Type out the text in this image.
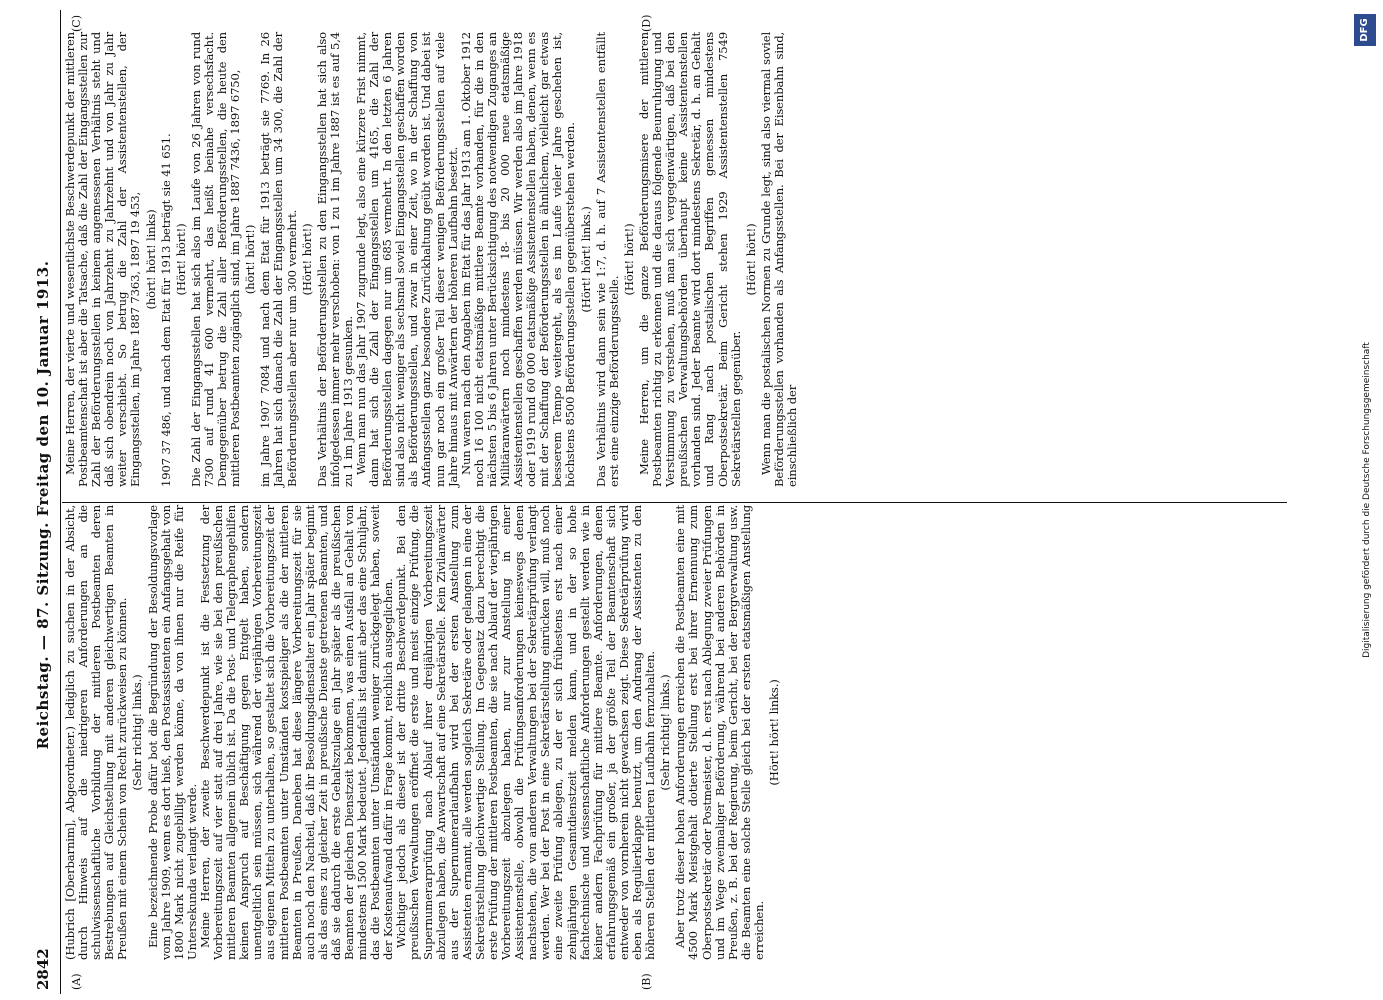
2842
Reichstag. — 87. Sitzung. Freitag den 10. Januar 1913.
(A)	(B)
(C)	(D)

(Hubrich [Oberbarnim], Abgeordneter.) lediglich zu suchen in der Absicht, durch Hinweis auf die niedrigeren Anforderungen an die schulwissenschaftliche Vorbildung der mittleren Postbeamten deren Bestrebungen auf Gleichstellung mit anderen gleichwertigen Beamten in Preußen mit einem Schein von Recht zurückweisen zu können. (Sehr richtig! links.) Eine bezeichnende Probe dafür bot die Begründung der Besoldungsvorlage vom Jahre 1909, wenn es dort hieß, den Postassistenten ein Anfangsgehalt von 1800 Mark nicht zugebilligt werden könne, da von ihnen nur die Reife für Untersekunda verlangt werde. Meine Herren, der zweite Beschwerdepunkt ist die Festsetzung der Vorbereitungszeit auf vier statt auf drei Jahre, wie sie bei den preußischen mittleren Beamten allgemein üblich ist. Da die Post- und Telegraphengehilfen keinen Anspruch auf Beschäftigung gegen Entgelt haben, sondern unentgeltlich sein müssen, sich während der vierjährigen Vorbereitungszeit aus eigenen Mitteln zu unterhalten, so gestaltet sich die Vorbereitungszeit der mittleren Postbeamten unter Umständen kostspieliger als die der mittleren Beamten in Preußen. Daneben hat diese längere Vorbereitungszeit für sie auch noch den Nachteil, daß ihr Besoldungsdienstalter ein Jahr später beginnt als das eines zu gleicher Zeit in preußische Dienste getretenen Beamten, und daß sie dadurch die erste Gehaltszulage ein Jahr später als die preußischen Beamten der gleichen Dienstzeit bekommen, was einen Ausfall an Gehalt von mindestens 1500 Mark bedeutet. Jedenfalls ist damit aber das eine Schuljahr, das die Postbeamten unter Umständen weniger zurückgelegt haben, soweit der Kostenaufwand dafür in Frage kommt, reichlich ausgeglichen. Wichtiger jedoch als dieser ist der dritte Beschwerdepunkt. Bei den preußischen Verwaltungen eröffnet die erste und meist einzige Prüfung, die Supernumerarprüfung nach Ablauf ihrer dreijährigen Vorbereitungszeit abzulegen haben, die Anwartschaft auf eine Sekretärstelle. Kein Zivilanwärter aus der Supernumerarlaufbahn wird bei der ersten Anstellung zum Assistenten ernannt, alle werden sogleich Sekretäre oder gelangen in eine der Sekretärstellung gleichwertige Stellung. Im Gegensatz dazu berechtigt die erste Prüfung der mittleren Postbeamten, die sie nach Ablauf der vierjährigen Vorbereitungszeit abzulegen haben, nur zur Anstellung in einer Assistentenstelle, obwohl die Prüfungsanforderungen keineswegs denen nachstehen, die von anderen Verwaltungen bei der Sekretärprüfung verlangt werden. Wer bei der Post in eine Sekretärstellung einrücken will, muß noch eine zweite Prüfung ablegen, zu der er sich frühestens erst nach einer zehnjährigen Gesamtdienstzeit melden kann, und in der so hohe fachtechnische und wissenschaftliche Anforderungen gestellt werden wie in keiner andern Fachprüfung für mittlere Beamte. Anforderungen, denen erfahrungsgemäß ein großer, ja der größte Teil der Beamtenschaft sich entweder von vornherein nicht gewachsen zeigt. Diese Sekretärprüfung wird eben als Regulierklappe benutzt, um den Andrang der Assistenten zu den höheren Stellen der mittleren Laufbahn fernzuhalten. (Sehr richtig! links.) Aber trotz dieser hohen Anforderungen erreichen die Postbeamten eine mit 4500 Mark Meistgehalt dotierte Stellung erst bei ihrer Ernennung zum Oberpostsekretär oder Postmeister, d. h. erst nach Ablegung zweier Prüfungen und im Wege zweimaliger Beförderung, während bei anderen Behörden in Preußen, z. B. bei der Regierung, beim Gericht, bei der Bergverwaltung usw. die Beamten eine solche Stelle gleich bei der ersten etatsmäßigen Anstellung erreichen.

(Hört! hört! links.)

Meine Herren, der vierte und wesentlichste Beschwerdepunkt der mittleren Postbeamtenschaft ist aber die Tatsache, daß die Zahl der Eingangsstellen zur Zahl der Beförderungsstellen in keinem angemessenen Verhältnis steht und daß sich obendrein noch von Jahrzehnt zu Jahrzehnt und von Jahr zu Jahr weiter verschiebt. So betrug die Zahl der Assistentenstellen, der Eingangsstellen, im Jahre 1887 7363, 1897 19 453, (hört! hört! links) 1907 37 486, und nach dem Etat für 1913 beträgt sie 41 651. (Hört! hört!) Die Zahl der Eingangsstellen hat sich also im Laufe von 26 Jahren von rund 7300 auf rund 41 600 vermehrt, das heißt beinahe versechsfacht. Demgegenüber betrug die Zahl aller Beförderungsstellen, die heute den mittleren Postbeamten zugänglich sind, im Jahre 1887 7436, 1897 6750, (hört! hört!) im Jahre 1907 7084 und nach dem Etat für 1913 beträgt sie 7769. In 26 Jahren hat sich danach die Zahl der Eingangsstellen um 34 300, die Zahl der Beförderungsstellen aber nur um 300 vermehrt. (Hört! hört!) Das Verhältnis der Beförderungsstellen zu den Eingangsstellen hat sich also infolgedessen immer mehr verschoben: von 1 zu 1 im Jahre 1887 ist es auf 5,4 zu 1 im Jahre 1913 gesunken. Wenn man nun das Jahr 1907 zugrunde legt, also eine kürzere Frist nimmt, dann hat sich die Zahl der Eingangsstellen um 4165, die Zahl der Beförderungsstellen dagegen nur um 685 vermehrt. In den letzten 6 Jahren sind also nicht weniger als sechsmal soviel Eingangsstellen geschaffen worden als Beförderungsstellen, und zwar in einer Zeit, wo in der Schaffung von Anfangsstellen ganz besondere Zurückhaltung geübt worden ist. Und dabei ist nun gar noch ein großer Teil dieser wenigen Beförderungsstellen auf viele Jahre hinaus mit Anwärtern der höheren Laufbahn besetzt. Nun waren nach den Angaben im Etat für das Jahr 1913 am 1. Oktober 1912 noch 16 100 nicht etatsmäßige mittlere Beamte vorhanden, für die in den nächsten 5 bis 6 Jahren unter Berücksichtigung des notwendigen Zuganges an Militäranwärtern noch mindestens 18- bis 20 000 neue etatsmäßige Assistentenstellen geschaffen werden müssen. Wir werden also im Jahre 1918 oder 1919 rund 60 000 etatsmäßige Assistentenstellen haben, denen, wenn es mit der Schaffung der Beförderungsstellen in ähnlichem, vielleicht gar etwas besserem Tempo weitergeht, als es im Laufe vieler Jahre geschehen ist, höchstens 8500 Beförderungsstellen gegenüberstehen werden. (Hört! hört! links.) Das Verhältnis wird dann sein wie 1:7, d. h. auf 7 Assistentenstellen entfällt erst eine einzige Beförderungsstelle.

(Hört! hört!) Meine Herren, um die ganze Beförderungsmisere der mittleren Postbeamten richtig zu erkennen und die daraus folgende Beunruhigung und Verstimmung zu verstehen, muß man sich vergegenwärtigen, daß bei den preußischen Verwaltungsbehörden überhaupt keine Assistentenstellen vorhanden sind. Jeder Beamte wird dort mindestens Sekretär, d. h. an Gehalt und Rang nach postalischen Begriffen gemessen mindestens Oberpostsekretär. Beim Gericht stehen 1929 Assistentenstellen 7549 Sekretärstellen gegenüber.

(Hört! hört!) Wenn man die postalischen Normen zu Grunde legt, sind also viermal soviel Beförderungsstellen vorhanden als Anfangsstellen. Bei der Eisenbahn sind, einschließlich der	Digitalisierung gefördert durch die Deutsche Forschungsgemeinschaft
DFG
